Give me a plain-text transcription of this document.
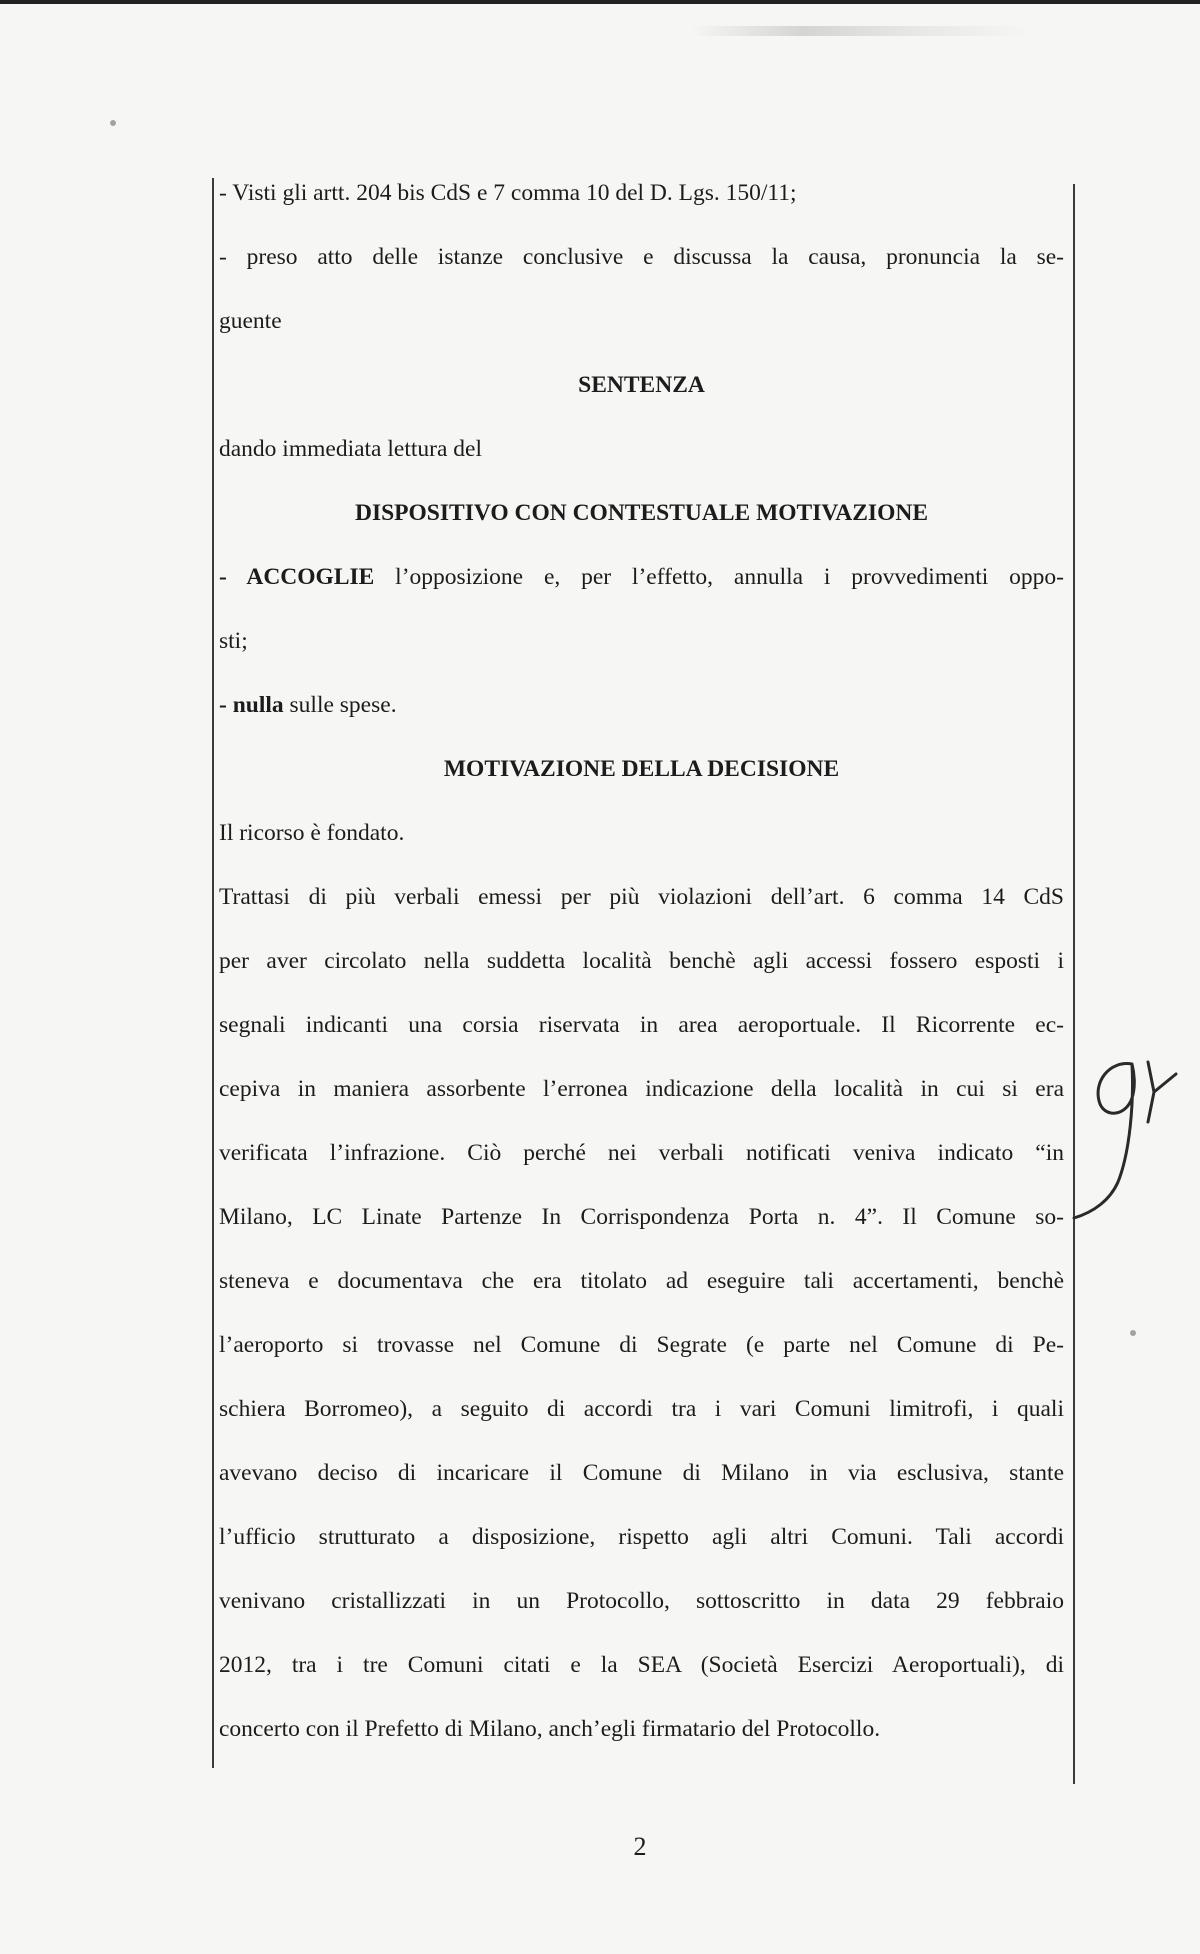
- Visti gli artt. 204 bis CdS e 7 comma 10 del D. Lgs. 150/11;
- preso atto delle istanze conclusive e discussa la causa, pronuncia la se-
guente
SENTENZA
dando immediata lettura del
DISPOSITIVO CON CONTESTUALE MOTIVAZIONE
- ACCOGLIE l’opposizione e, per l’effetto, annulla i provvedimenti oppo-
sti;
- nulla sulle spese.
MOTIVAZIONE DELLA DECISIONE
Il ricorso è fondato.
Trattasi di più verbali emessi per più violazioni dell’art. 6 comma 14 CdS
per aver circolato nella suddetta località benchè agli accessi fossero esposti i
segnali indicanti una corsia riservata in area aeroportuale. Il Ricorrente ec-
cepiva in maniera assorbente l’erronea indicazione della località in cui si era
verificata l’infrazione. Ciò perché nei verbali notificati veniva indicato “in
Milano, LC Linate Partenze In Corrispondenza Porta n. 4”. Il Comune so-
steneva e documentava che era titolato ad eseguire tali accertamenti, benchè
l’aeroporto si trovasse nel Comune di Segrate (e parte nel Comune di Pe-
schiera Borromeo), a seguito di accordi tra i vari Comuni limitrofi, i quali
avevano deciso di incaricare il Comune di Milano in via esclusiva, stante
l’ufficio strutturato a disposizione, rispetto agli altri Comuni. Tali accordi
venivano cristallizzati in un Protocollo, sottoscritto in data 29 febbraio
2012, tra i tre Comuni citati e la SEA (Società Esercizi Aeroportuali), di
concerto con il Prefetto di Milano, anch’egli firmatario del Protocollo.
2
